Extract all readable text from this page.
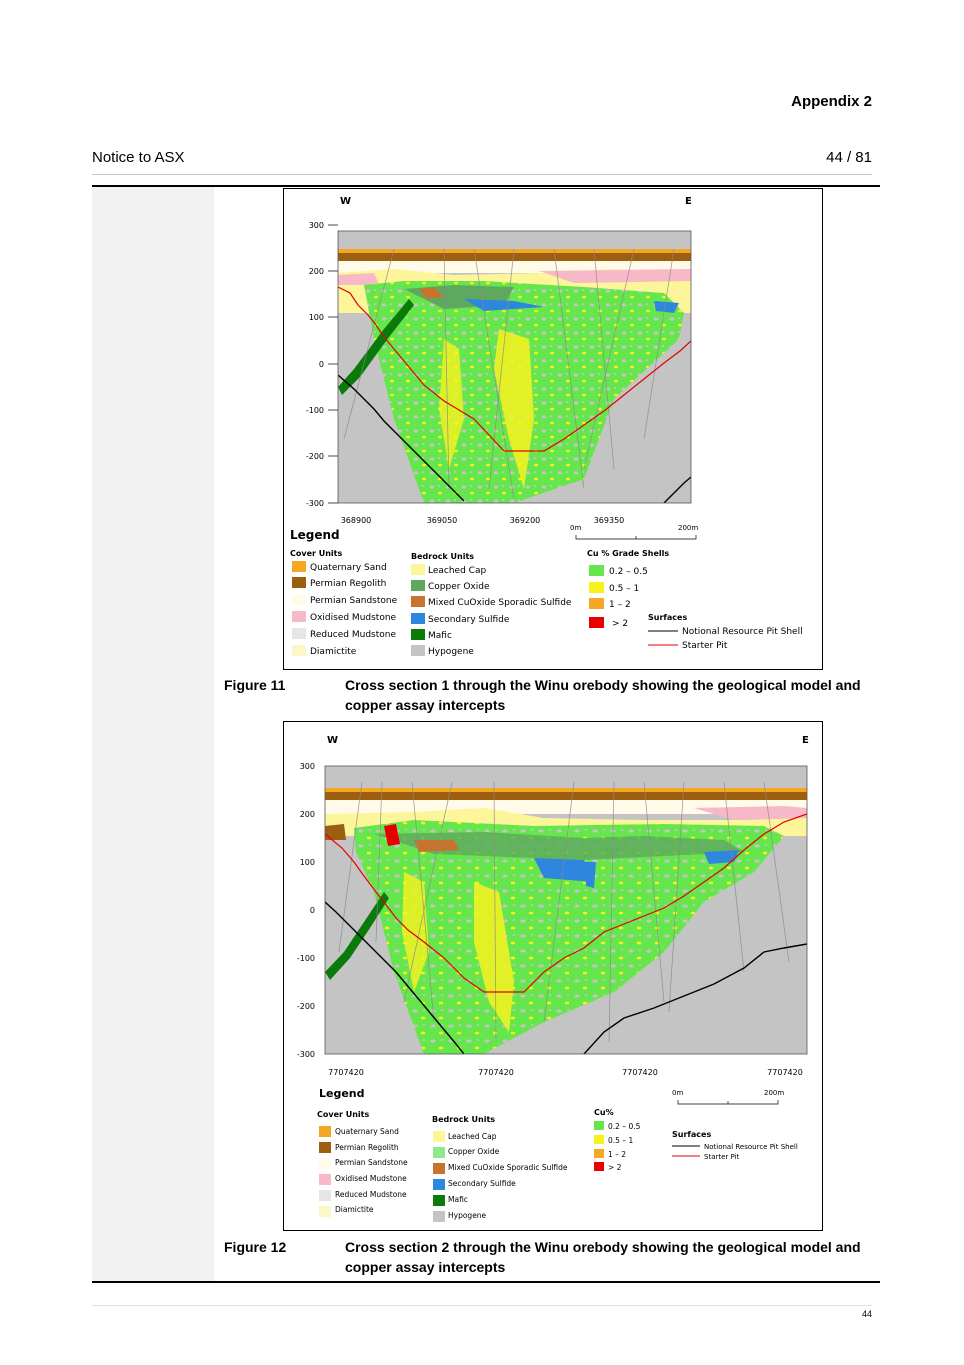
Appendix 2
Notice to ASX	44 / 81
W	E
300
200
100
0
-100
-200
-300
368900	369050	369200	369350
0m	200m
Legend
Cover Units
Quaternary Sand
Permian Regolith
Permian Sandstone
Oxidised Mudstone
Reduced Mudstone
Diamictite
Bedrock Units
Leached Cap
Copper Oxide
Mixed CuOxide Sporadic Sulfide
Secondary Sulfide
Mafic
Hypogene
Cu % Grade Shells
0.2 – 0.5
0.5 – 1
1 – 2
> 2
Surfaces
Notional Resource Pit Shell
Starter Pit
Figure 11	Cross section 1 through the Winu orebody showing the geological model and copper assay intercepts
W	E
300
200
100
0
-100
-200
-300
7707420	7707420	7707420	7707420
0m	200m
Legend
Cover Units
Quaternary Sand
Permian Regolith
Permian Sandstone
Oxidised Mudstone
Reduced Mudstone
Diamictite
Bedrock Units
Leached Cap
Copper Oxide
Mixed CuOxide Sporadic Sulfide
Secondary Sulfide
Mafic
Hypogene
Cu%
0.2 – 0.5
0.5 – 1
1 – 2
> 2
Surfaces
Notional Resource Pit Shell
Starter Pit
Figure 12	Cross section 2 through the Winu orebody showing the geological model and copper assay intercepts
44
